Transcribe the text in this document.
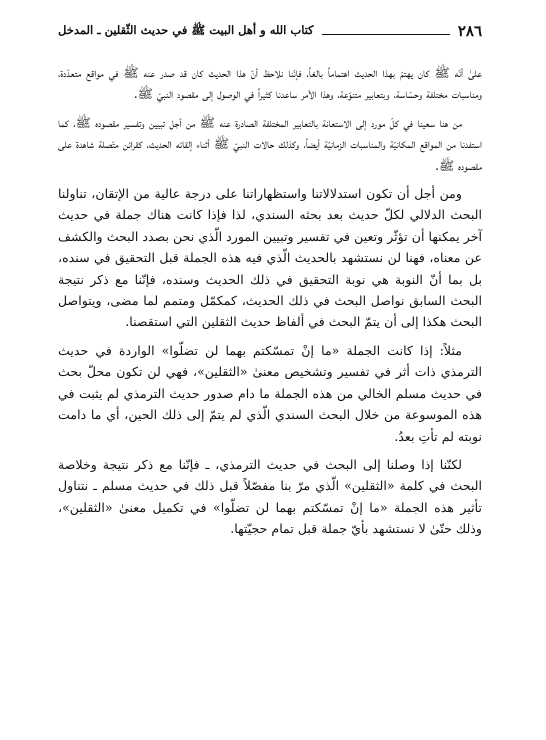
٢٨٦
كتاب الله و أهل البيت ﷺ في حديث الثّقلين ـ المدخل

علىٰ أنّه ﷺ كان يهتمّ بهذا الحديث اهتماماً بالغاً، فإنّنا نلاحظ أنّ هذا الحديث كان قد صدر عنه ﷺ في مواقع متعدّدة، ومناسبات مختلفة وحسّاسة، وبتعابير متنوّعة، وهذا الأمر ساعدنا كثيراً في الوصول إلى مقصود النبيّ ﷺ.

من هنا سعينا في كلّ مورد إلى الاستعانة بالتعابير المختلفة الصادرة عنه ﷺ من أجل تبيين وتفسير مقصوده ﷺ، كما استفدنا من المواقع المكانيّة والمناسبات الزمانيّة أيضاً، وكذلك حالات النبيّ ﷺ أثناء إلقائه الحديث، كقرائن متّصلة شاهدة على مقصوده ﷺ.

ومن أجل أن تكون استدلالاتنا واستظهاراتنا على درجة عالية من الإتقان، تناولنا البحث الدلالي لكلّ حديث بعد بحثه السندي، لذا فإذا كانت هناك جملة في حديث آخر يمكنها أن تؤثّر وتعين في تفسير وتبيين المورد الّذي نحن بصدد البحث والكشف عن معناه، فهنا لن نستشهد بالحديث الّذي فيه هذه الجملة قبل التحقيق في سنده، بل بما أنّ النوبة هي نوبة التحقيق في ذلك الحديث وسنده، فإنّنا مع ذكر نتيجة البحث السابق نواصل البحث في ذلك الحديث، كمكمّل ومتمم لما مضى، ويتواصل البحث هكذا إلى أن يتمّ البحث في ألفاظ حديث الثقلين التي استقصنا.

مثلاً: إذا كانت الجملة «ما إنْ تمسّكتم بهما لن تضلّوا» الواردة في حديث الترمذي ذات أثر في تفسير وتشخيص معنىٰ «الثقلين»، فهي لن تكون محلّ بحث في حديث مسلم الخالي من هذه الجملة ما دام صدور حديث الترمذي لم يثبت في هذه الموسوعة من خلال البحث السندي الّذي لم يتمّ إلى ذلك الحين، أي ما دامت نوبته لم تأتِ بعدُ.

لكنّنا إذا وصلنا إلى البحث في حديث الترمذي، ـ فإنّنا مع ذكر نتيجة وخلاصة البحث في كلمة «الثقلين» الّذي مرّ بنا مفصّلاً قبل ذلك في حديث مسلم ـ نتناول تأثير هذه الجملة «ما إنْ تمسّكتم بهما لن تضلّوا» في تكميل معنىٰ «الثقلين»، وذلك حتّىٰ لا نستشهد بأيّ جملة قبل تمام حجيّتها.
